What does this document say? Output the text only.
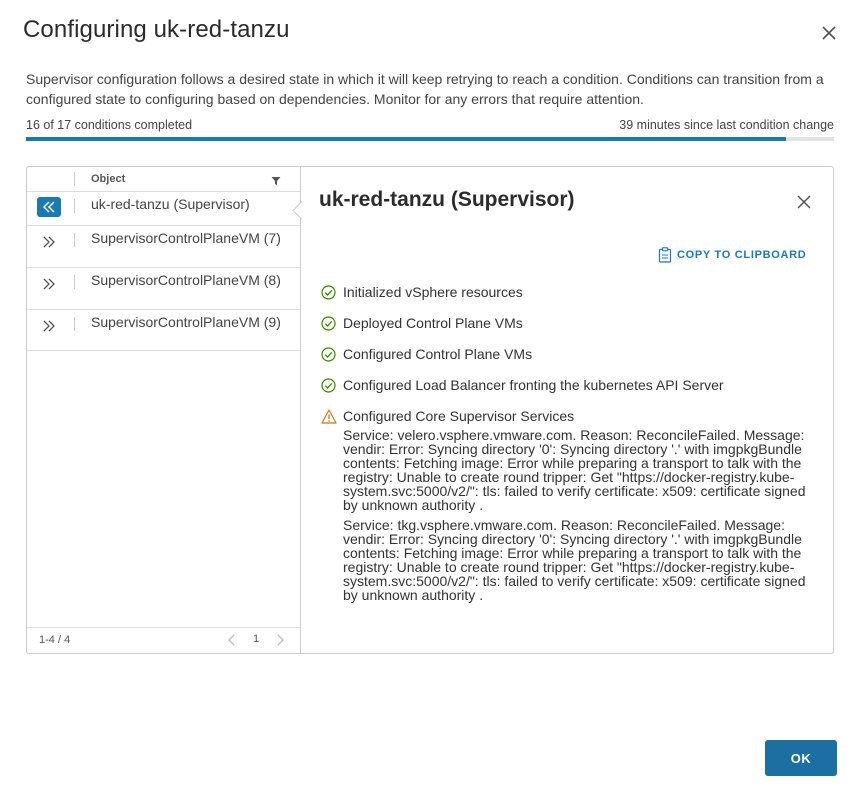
Configuring uk-red-tanzu

Supervisor configuration follows a desired state in which it will keep retrying to reach a condition. Conditions can transition from a configured state to configuring based on dependencies. Monitor for any errors that require attention.

16 of 17 conditions completed	39 minutes since last condition change
Object
uk-red-tanzu (Supervisor)
SupervisorControlPlaneVM (7)
SupervisorControlPlaneVM (8)
SupervisorControlPlaneVM (9)
1-4 / 4	1
uk-red-tanzu (Supervisor)
COPY TO CLIPBOARD
Initialized vSphere resources
Deployed Control Plane VMs
Configured Control Plane VMs
Configured Load Balancer fronting the kubernetes API Server
Configured Core Supervisor Services
Service: velero.vsphere.vmware.com. Reason: ReconcileFailed. Message: vendir: Error: Syncing directory '0': Syncing directory '.' with imgpkgBundle contents: Fetching image: Error while preparing a transport to talk with the registry: Unable to create round tripper: Get "https://docker-registry.kube-system.svc:5000/v2/": tls: failed to verify certificate: x509: certificate signed by unknown authority .
Service: tkg.vsphere.vmware.com. Reason: ReconcileFailed. Message: vendir: Error: Syncing directory '0': Syncing directory '.' with imgpkgBundle contents: Fetching image: Error while preparing a transport to talk with the registry: Unable to create round tripper: Get "https://docker-registry.kube-system.svc:5000/v2/": tls: failed to verify certificate: x509: certificate signed by unknown authority .
OK
